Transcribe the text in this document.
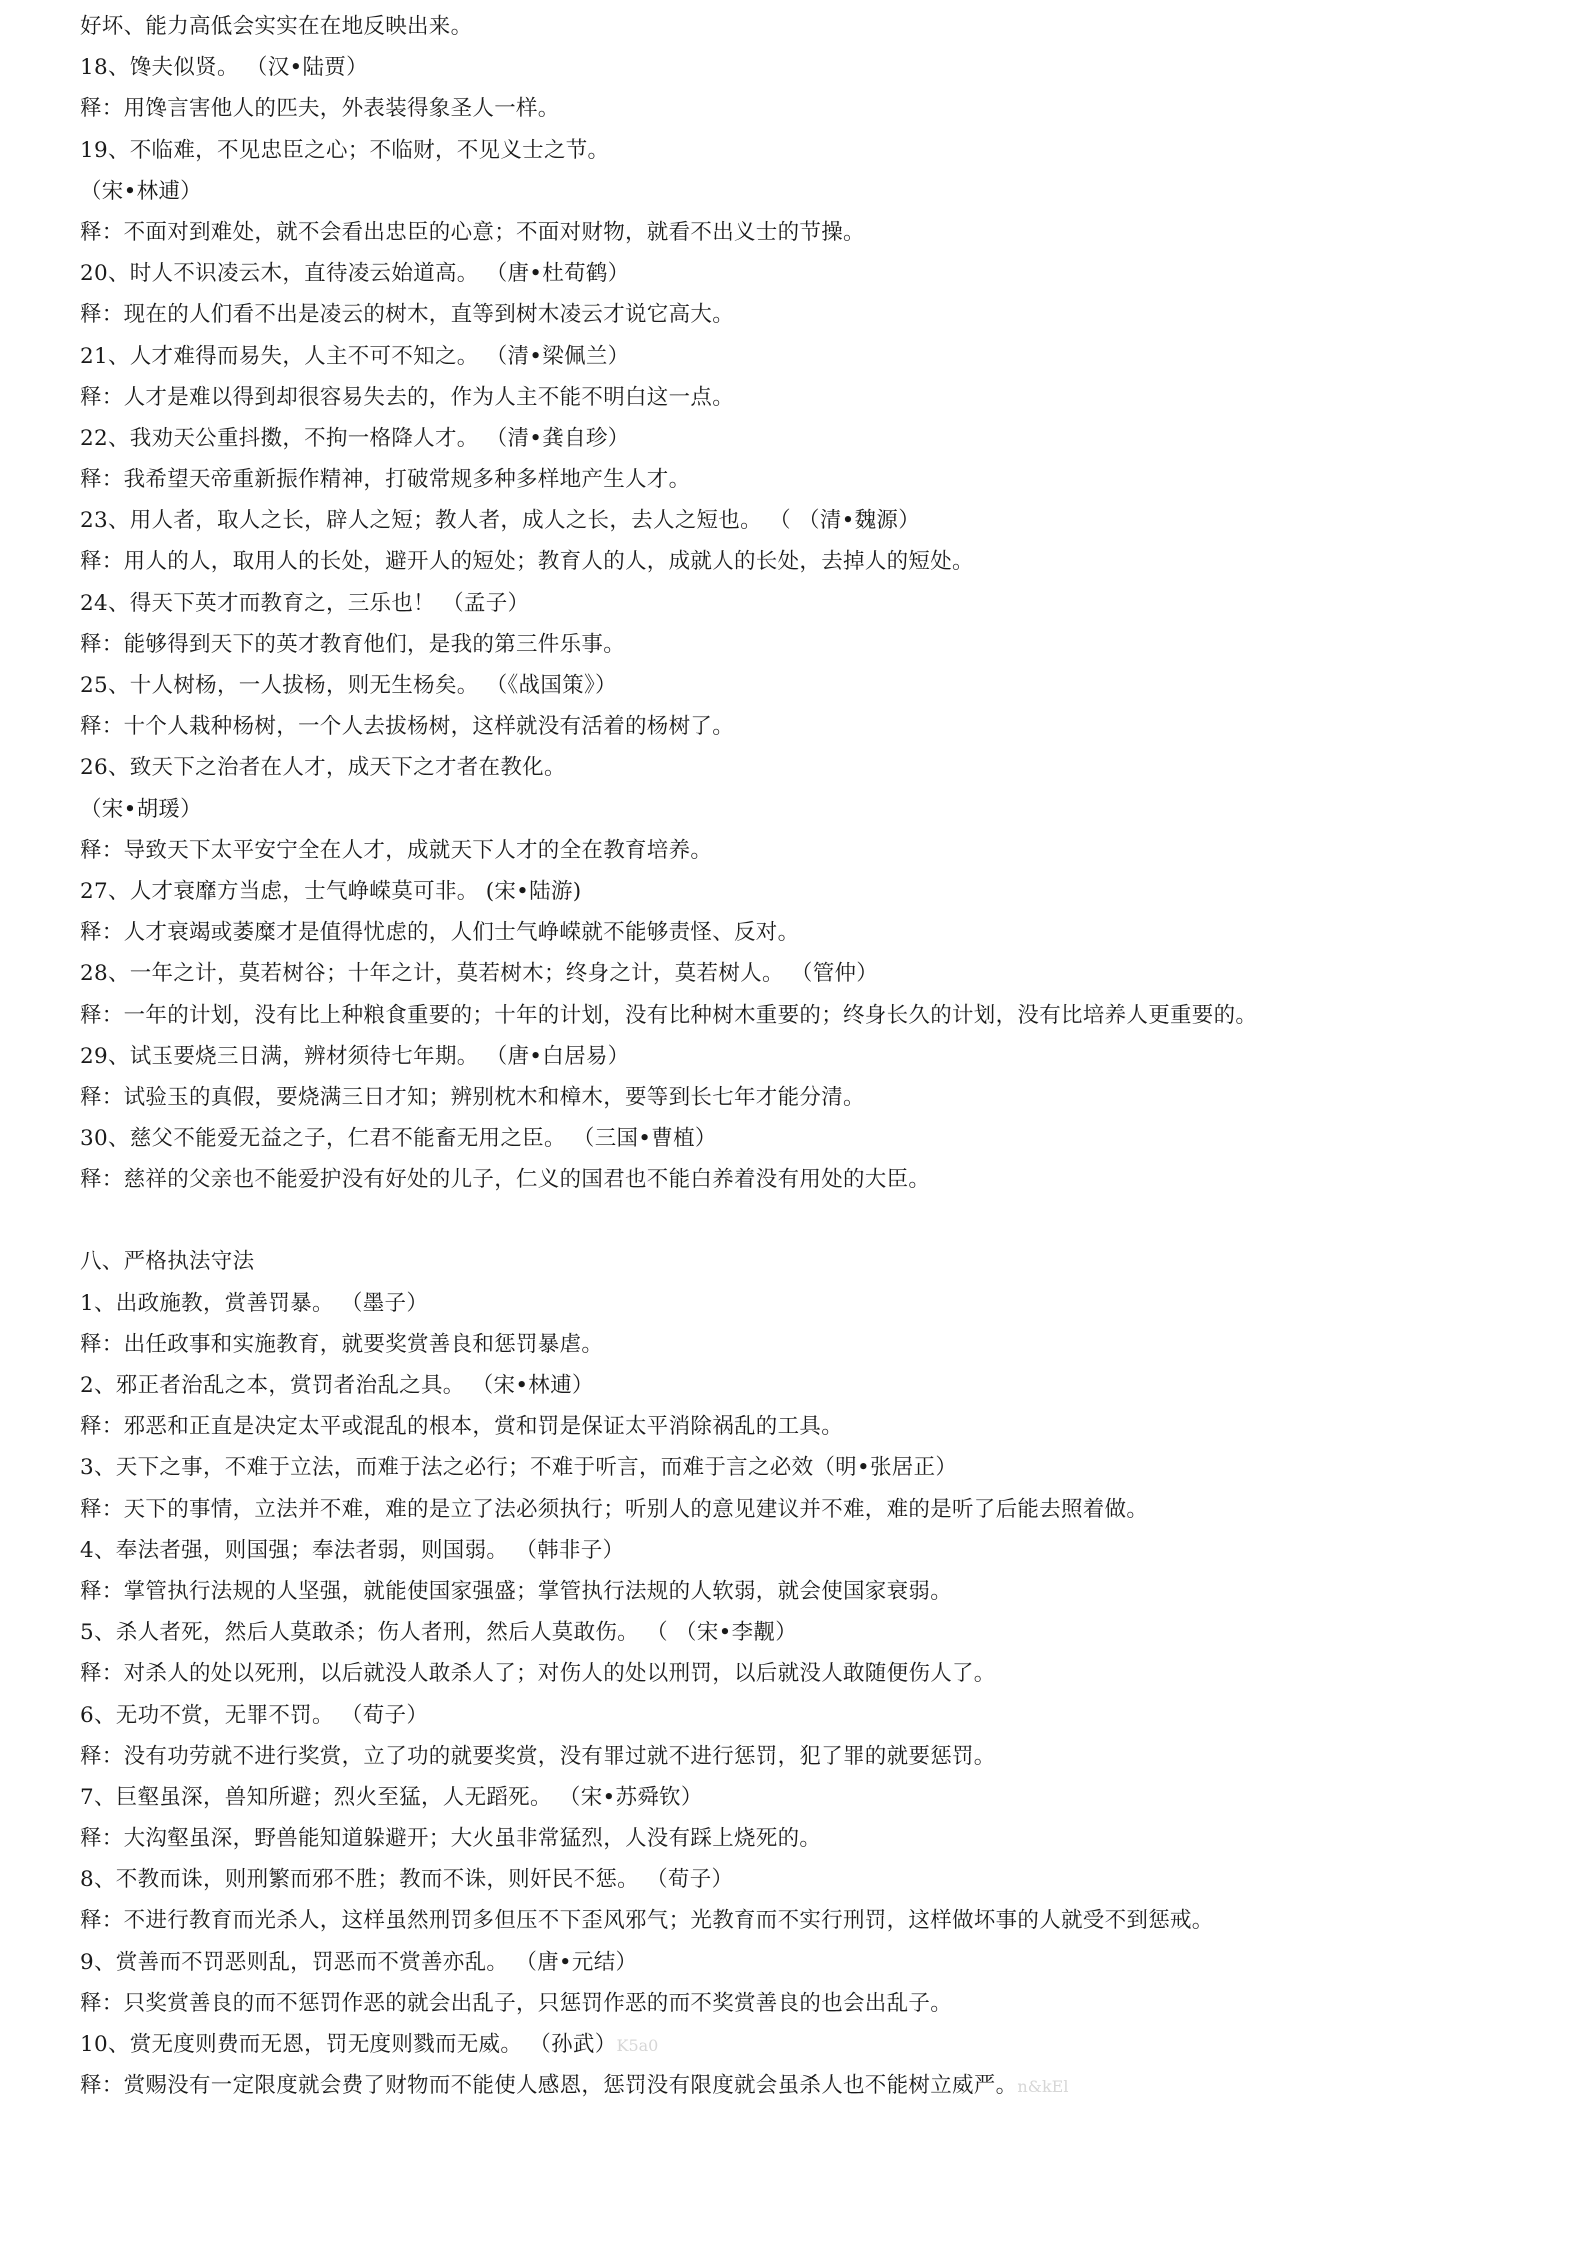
好坏、能力高低会实实在在地反映出来。
18、馋夫似贤。 （汉•陆贾）
释：用馋言害他人的匹夫，外表装得象圣人一样。
19、不临难，不见忠臣之心；不临财，不见义士之节。
（宋•林逋）
释：不面对到难处，就不会看出忠臣的心意；不面对财物，就看不出义士的节操。
20、时人不识凌云木，直待凌云始道高。 （唐•杜荀鹤）
释：现在的人们看不出是凌云的树木，直等到树木凌云才说它高大。
21、人才难得而易失，人主不可不知之。 （清•梁佩兰）
释：人才是难以得到却很容易失去的，作为人主不能不明白这一点。
22、我劝天公重抖擞，不拘一格降人才。 （清•龚自珍）
释：我希望天帝重新振作精神，打破常规多种多样地产生人才。
23、用人者，取人之长，辟人之短；教人者，成人之长，去人之短也。 （ （清•魏源）
释：用人的人，取用人的长处，避开人的短处；教育人的人，成就人的长处，去掉人的短处。
24、得天下英才而教育之，三乐也！ （孟子）
释：能够得到天下的英才教育他们，是我的第三件乐事。
25、十人树杨，一人拔杨，则无生杨矣。 （《战国策》）
释：十个人栽种杨树，一个人去拔杨树，这样就没有活着的杨树了。
26、致天下之治者在人才，成天下之才者在教化。
（宋•胡瑗）
释：导致天下太平安宁全在人才，成就天下人才的全在教育培养。
27、人才衰靡方当虑，士气峥嵘莫可非。 (宋•陆游)
释：人才衰竭或萎糜才是值得忧虑的，人们士气峥嵘就不能够责怪、反对。
28、一年之计，莫若树谷；十年之计，莫若树木；终身之计，莫若树人。 （管仲）
释：一年的计划，没有比上种粮食重要的；十年的计划，没有比种树木重要的；终身长久的计划，没有比培养人更重要的。
29、试玉要烧三日满，辨材须待七年期。 （唐•白居易）
释：试验玉的真假，要烧满三日才知；辨别枕木和樟木，要等到长七年才能分清。
30、慈父不能爱无益之子，仁君不能畜无用之臣。 （三国•曹植）
释：慈祥的父亲也不能爱护没有好处的儿子，仁义的国君也不能白养着没有用处的大臣。
八、严格执法守法
1、出政施教，赏善罚暴。 （墨子）
释：出任政事和实施教育，就要奖赏善良和惩罚暴虐。
2、邪正者治乱之本，赏罚者治乱之具。 （宋•林逋）
释：邪恶和正直是决定太平或混乱的根本，赏和罚是保证太平消除祸乱的工具。
3、天下之事，不难于立法，而难于法之必行；不难于听言，而难于言之必效（明•张居正）
释：天下的事情，立法并不难，难的是立了法必须执行；听别人的意见建议并不难，难的是听了后能去照着做。
4、奉法者强，则国强；奉法者弱，则国弱。 （韩非子）
释：掌管执行法规的人坚强，就能使国家强盛；掌管执行法规的人软弱，就会使国家衰弱。
5、杀人者死，然后人莫敢杀；伤人者刑，然后人莫敢伤。 （ （宋•李觏）
释：对杀人的处以死刑，以后就没人敢杀人了；对伤人的处以刑罚，以后就没人敢随便伤人了。
6、无功不赏，无罪不罚。 （荀子）
释：没有功劳就不进行奖赏，立了功的就要奖赏，没有罪过就不进行惩罚，犯了罪的就要惩罚。
7、巨壑虽深，兽知所避；烈火至猛，人无蹈死。 （宋•苏舜钦）
释：大沟壑虽深，野兽能知道躲避开；大火虽非常猛烈，人没有踩上烧死的。
8、不教而诛，则刑繁而邪不胜；教而不诛，则奸民不惩。 （荀子）
释：不进行教育而光杀人，这样虽然刑罚多但压不下歪风邪气；光教育而不实行刑罚，这样做坏事的人就受不到惩戒。
9、赏善而不罚恶则乱，罚恶而不赏善亦乱。 （唐•元结）
释：只奖赏善良的而不惩罚作恶的就会出乱子，只惩罚作恶的而不奖赏善良的也会出乱子。
10、赏无度则费而无恩，罚无度则戮而无威。 （孙武）K5a0
释：赏赐没有一定限度就会费了财物而不能使人感恩，惩罚没有限度就会虽杀人也不能树立威严。n&kEl
